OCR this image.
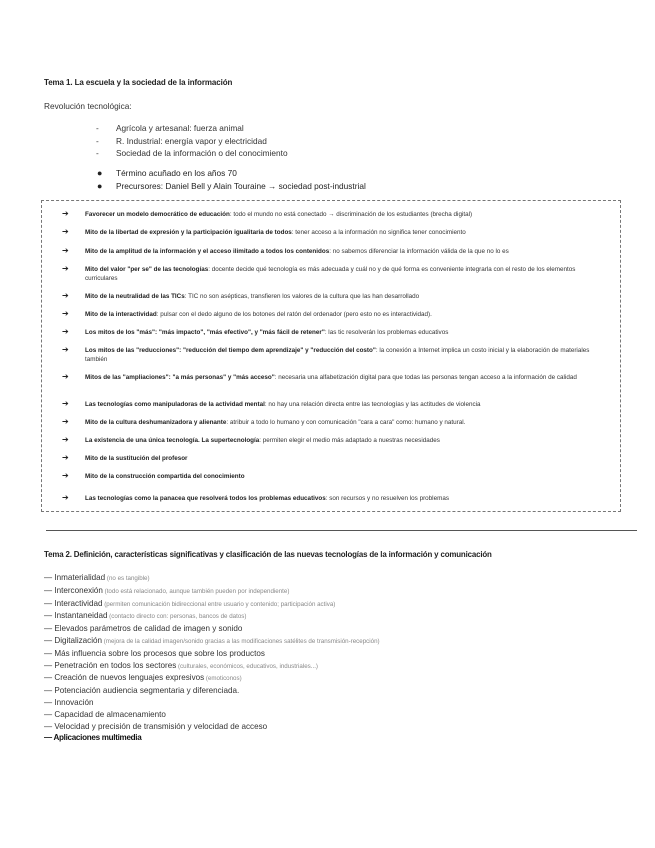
Tema 1. La escuela y la sociedad de la información
Revolución tecnológica:
- Agrícola y artesanal: fuerza animal
- R. Industrial: energía vapor y electricidad
- Sociedad de la información o del conocimiento
● Término acuñado en los años 70
● Precursores: Daniel Bell y Alain Touraine → sociedad post-industrial
➔	Favorecer un modelo democrático de educación: todo el mundo no está conectado → discriminación de los estudiantes (brecha digital)
➔	Mito de la libertad de expresión y la participación igualitaria de todos: tener acceso a la información no significa tener conocimiento
➔	Mito de la amplitud de la información y el acceso ilimitado a todos los contenidos: no sabemos diferenciar la información válida de la que no lo es
➔	Mito del valor "per se" de las tecnologías: docente decide qué tecnología es más adecuada y cuál no y de qué forma es conveniente integrarla con el resto de los elementos curriculares
➔	Mito de la neutralidad de las TICs: TIC no son asépticas, transfieren los valores de la cultura que las han desarrollado
➔	Mito de la interactividad: pulsar con el dedo alguno de los botones del ratón del ordenador (pero esto no es interactividad).
➔	Los mitos de los "más": "más impacto", "más efectivo", y "más fácil de retener": las tic resolverán los problemas educativos
➔	Los mitos de las "reducciones": "reducción del tiempo dem aprendizaje" y "reducción del costo": la conexión a Internet implica un costo inicial y la elaboración de materiales también
➔	Mitos de las "ampliaciones": "a más personas" y "más acceso": necesaria una alfabetización digital para que todas las personas tengan acceso a la información de calidad
➔	Las tecnologías como manipuladoras de la actividad mental: no hay una relación directa entre las tecnologías y las actitudes de violencia
➔	Mito de la cultura deshumanizadora y alienante: atribuir a todo lo humano y con comunicación "cara a cara" como: humano y natural.
➔	La existencia de una única tecnología. La supertecnología: permiten elegir el medio más adaptado a nuestras necesidades
➔	Mito de la sustitución del profesor
➔	Mito de la construcción compartida del conocimiento
➔	Las tecnologías como la panacea que resolverá todos los problemas educativos: son recursos y no resuelven los problemas
Tema 2. Definición, características significativas y clasificación de las nuevas tecnologías de la información y comunicación
— Inmaterialidad (no es tangible)
— Interconexión (todo está relacionado, aunque también pueden por independiente)
— Interactividad (permiten comunicación bidireccional entre usuario y contenido; participación activa)
— Instantaneidad (contacto directo con: personas, bancos de datos)
— Elevados parámetros de calidad de imagen y sonido
— Digitalización (mejora de la calidad imagen/sonido gracias a las modificaciones satélites de transmisión-recepción)
— Más influencia sobre los procesos que sobre los productos
— Penetración en todos los sectores (culturales, económicos, educativos, industriales...)
— Creación de nuevos lenguajes expresivos (emoticonos)
— Potenciación audiencia segmentaria y diferenciada.
— Innovación
— Capacidad de almacenamiento
— Velocidad y precisión de transmisión y velocidad de acceso
— Aplicaciones multimedia
